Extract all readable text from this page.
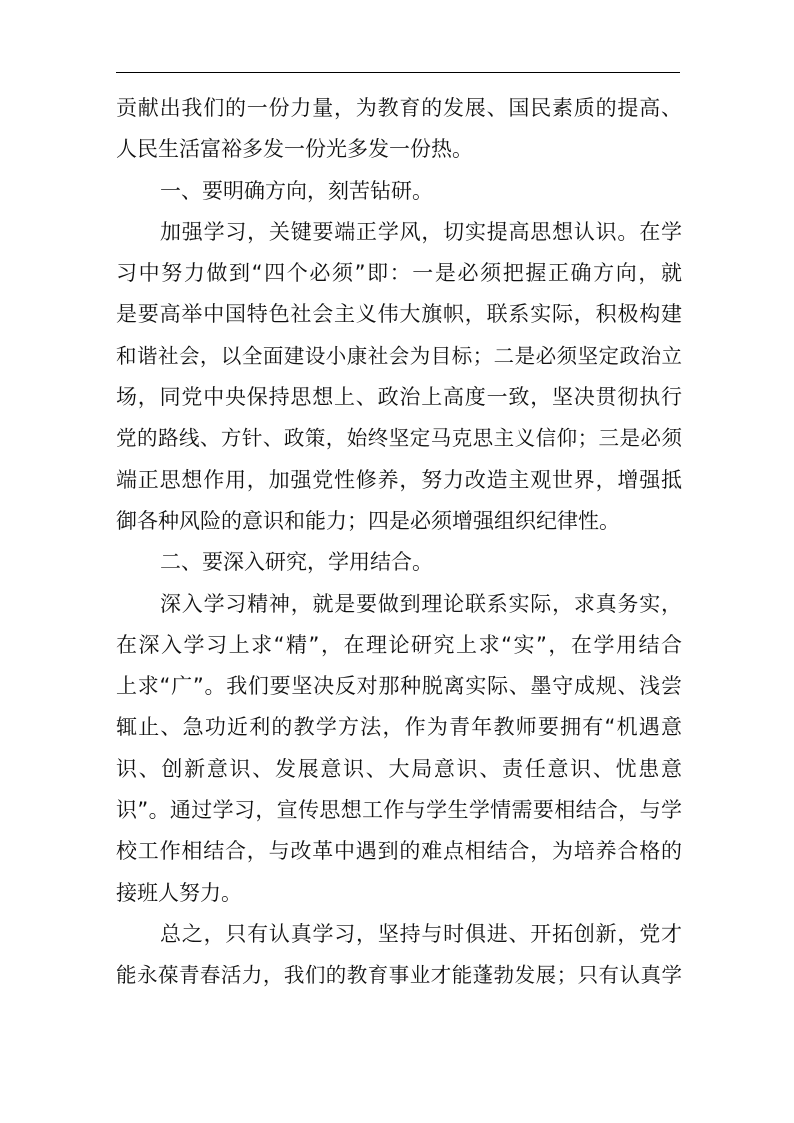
贡献出我们的一份力量，为教育的发展、国民素质的提高、
人民生活富裕多发一份光多发一份热。
一、要明确方向，刻苦钻研。
加强学习，关键要端正学风，切实提高思想认识。在学
习中努力做到“四个必须”即：一是必须把握正确方向，就
是要高举中国特色社会主义伟大旗帜，联系实际，积极构建
和谐社会，以全面建设小康社会为目标；二是必须坚定政治立
场，同党中央保持思想上、政治上高度一致，坚决贯彻执行
党的路线、方针、政策，始终坚定马克思主义信仰；三是必须
端正思想作用，加强党性修养，努力改造主观世界，增强抵
御各种风险的意识和能力；四是必须增强组织纪律性。
二、要深入研究，学用结合。
深入学习精神，就是要做到理论联系实际，求真务实，
在深入学习上求“精”，在理论研究上求“实”，在学用结合
上求“广”。我们要坚决反对那种脱离实际、墨守成规、浅尝
辄止、急功近利的教学方法，作为青年教师要拥有“机遇意
识、创新意识、发展意识、大局意识、责任意识、忧患意
识”。通过学习，宣传思想工作与学生学情需要相结合，与学
校工作相结合，与改革中遇到的难点相结合，为培养合格的
接班人努力。
总之，只有认真学习，坚持与时俱进、开拓创新，党才
能永葆青春活力，我们的教育事业才能蓬勃发展；只有认真学
